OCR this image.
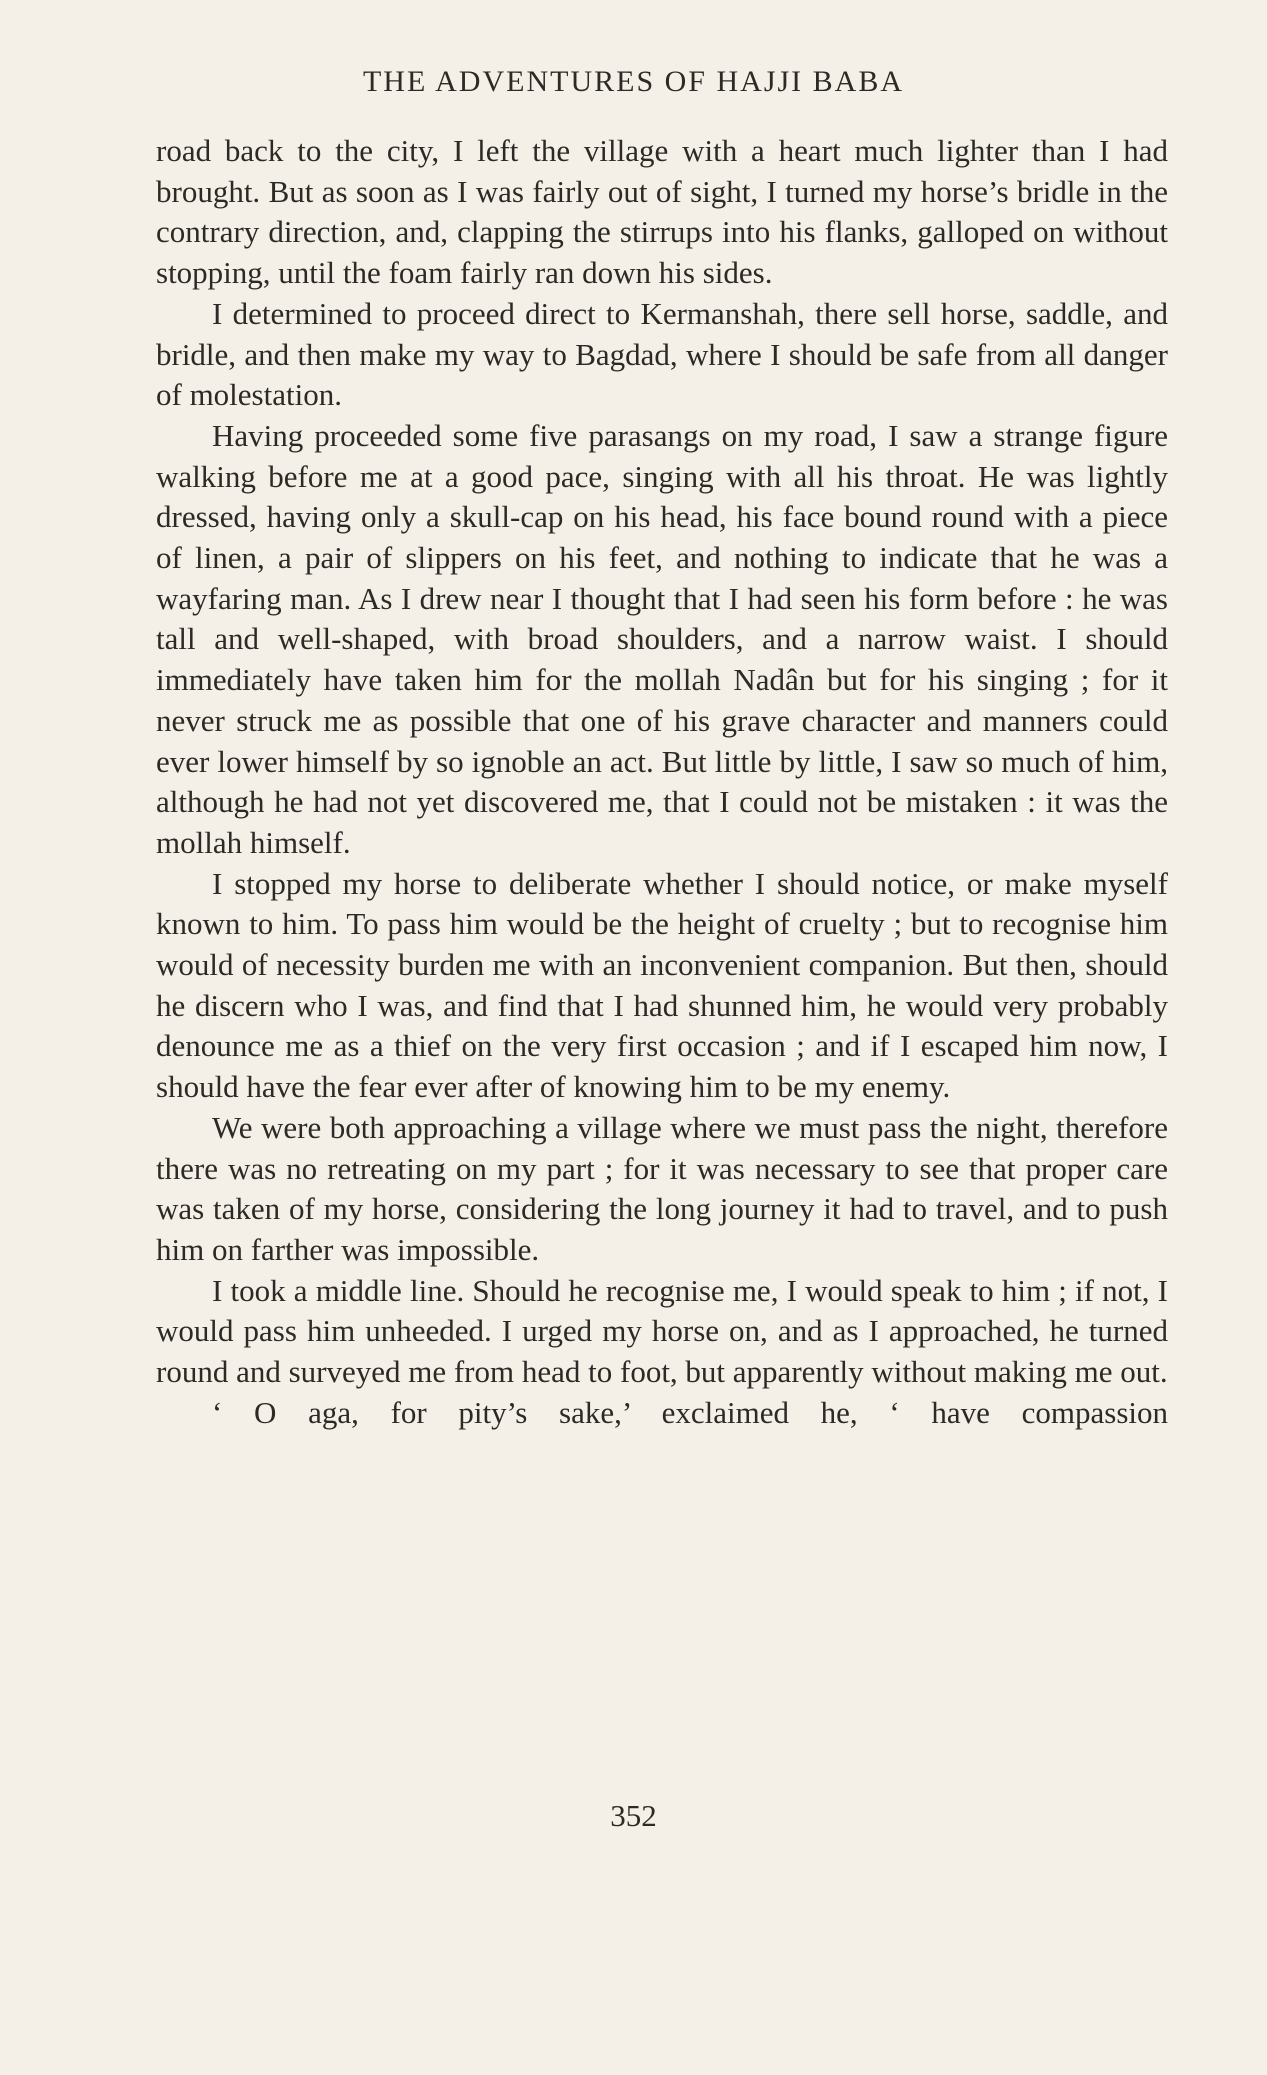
THE ADVENTURES OF HAJJI BABA

road back to the city, I left the village with a heart much lighter than I had brought. But as soon as I was fairly out of sight, I turned my horse’s bridle in the contrary direction, and, clapping the stirrups into his flanks, galloped on without stopping, until the foam fairly ran down his sides.

I determined to proceed direct to Kermanshah, there sell horse, saddle, and bridle, and then make my way to Bagdad, where I should be safe from all danger of molestation.

Having proceeded some five parasangs on my road, I saw a strange figure walking before me at a good pace, singing with all his throat. He was lightly dressed, having only a skull-cap on his head, his face bound round with a piece of linen, a pair of slippers on his feet, and nothing to indicate that he was a wayfaring man. As I drew near I thought that I had seen his form before : he was tall and well-shaped, with broad shoulders, and a narrow waist. I should immediately have taken him for the mollah Nadân but for his singing ; for it never struck me as possible that one of his grave character and manners could ever lower himself by so ignoble an act. But little by little, I saw so much of him, although he had not yet discovered me, that I could not be mistaken : it was the mollah himself.

I stopped my horse to deliberate whether I should notice, or make myself known to him. To pass him would be the height of cruelty ; but to recognise him would of necessity burden me with an inconvenient companion. But then, should he discern who I was, and find that I had shunned him, he would very probably denounce me as a thief on the very first occasion ; and if I escaped him now, I should have the fear ever after of knowing him to be my enemy.

We were both approaching a village where we must pass the night, therefore there was no retreating on my part ; for it was necessary to see that proper care was taken of my horse, considering the long journey it had to travel, and to push him on farther was impossible.

I took a middle line. Should he recognise me, I would speak to him ; if not, I would pass him unheeded. I urged my horse on, and as I approached, he turned round and surveyed me from head to foot, but apparently without making me out.

‘ O aga, for pity’s sake,’ exclaimed he, ‘ have compassion

352
